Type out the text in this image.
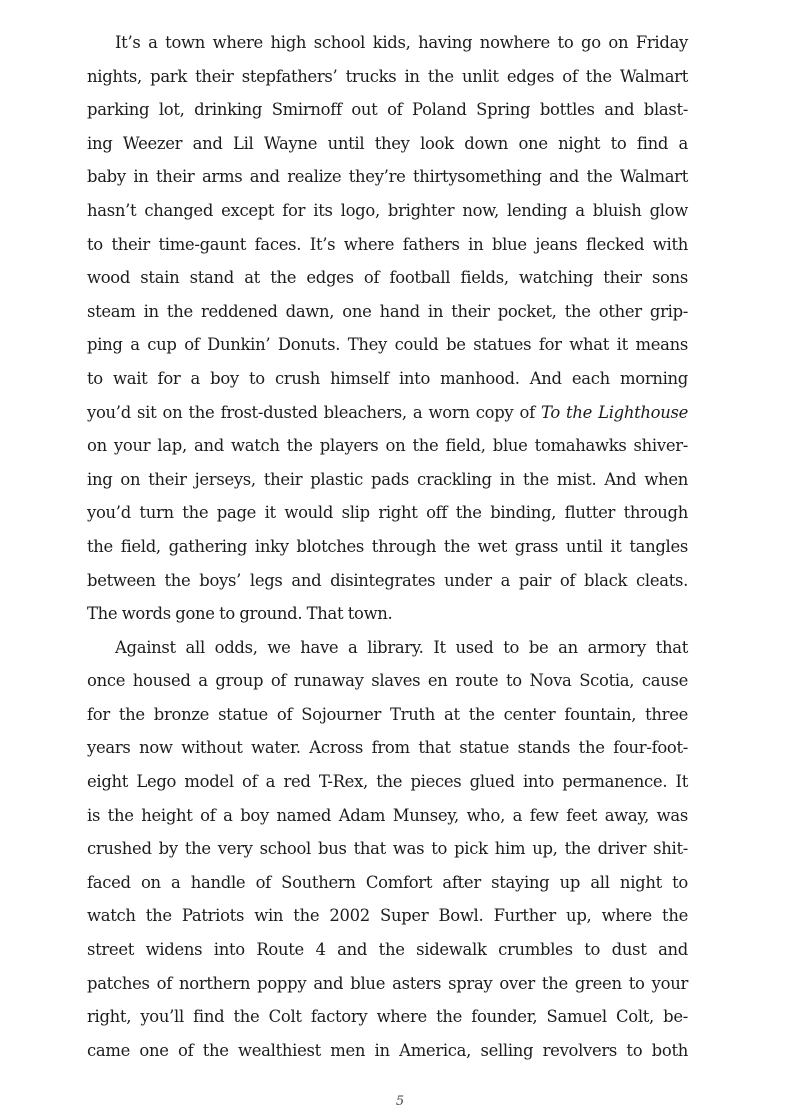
It’s a town where high school kids, having nowhere to go on Friday
nights, park their stepfathers’ trucks in the unlit edges of the Walmart
parking lot, drinking Smirnoff out of Poland Spring bottles and blast-
ing Weezer and Lil Wayne until they look down one night to find a
baby in their arms and realize they’re thirtysomething and the Walmart
hasn’t changed except for its logo, brighter now, lending a bluish glow
to their time-gaunt faces. It’s where fathers in blue jeans flecked with
wood stain stand at the edges of football fields, watching their sons
steam in the reddened dawn, one hand in their pocket, the other grip-
ping a cup of Dunkin’ Donuts. They could be statues for what it means
to wait for a boy to crush himself into manhood. And each morning
you’d sit on the frost-dusted bleachers, a worn copy of To the Lighthouse
on your lap, and watch the players on the field, blue tomahawks shiver-
ing on their jerseys, their plastic pads crackling in the mist. And when
you’d turn the page it would slip right off the binding, flutter through
the field, gathering inky blotches through the wet grass until it tangles
between the boys’ legs and disintegrates under a pair of black cleats.
The words gone to ground. That town.
Against all odds, we have a library. It used to be an armory that
once housed a group of runaway slaves en route to Nova Scotia, cause
for the bronze statue of Sojourner Truth at the center fountain, three
years now without water. Across from that statue stands the four-foot-
eight Lego model of a red T-Rex, the pieces glued into permanence. It
is the height of a boy named Adam Munsey, who, a few feet away, was
crushed by the very school bus that was to pick him up, the driver shit-
faced on a handle of Southern Comfort after staying up all night to
watch the Patriots win the 2002 Super Bowl. Further up, where the
street widens into Route 4 and the sidewalk crumbles to dust and
patches of northern poppy and blue asters spray over the green to your
right, you’ll find the Colt factory where the founder, Samuel Colt, be-
came one of the wealthiest men in America, selling revolvers to both
5
